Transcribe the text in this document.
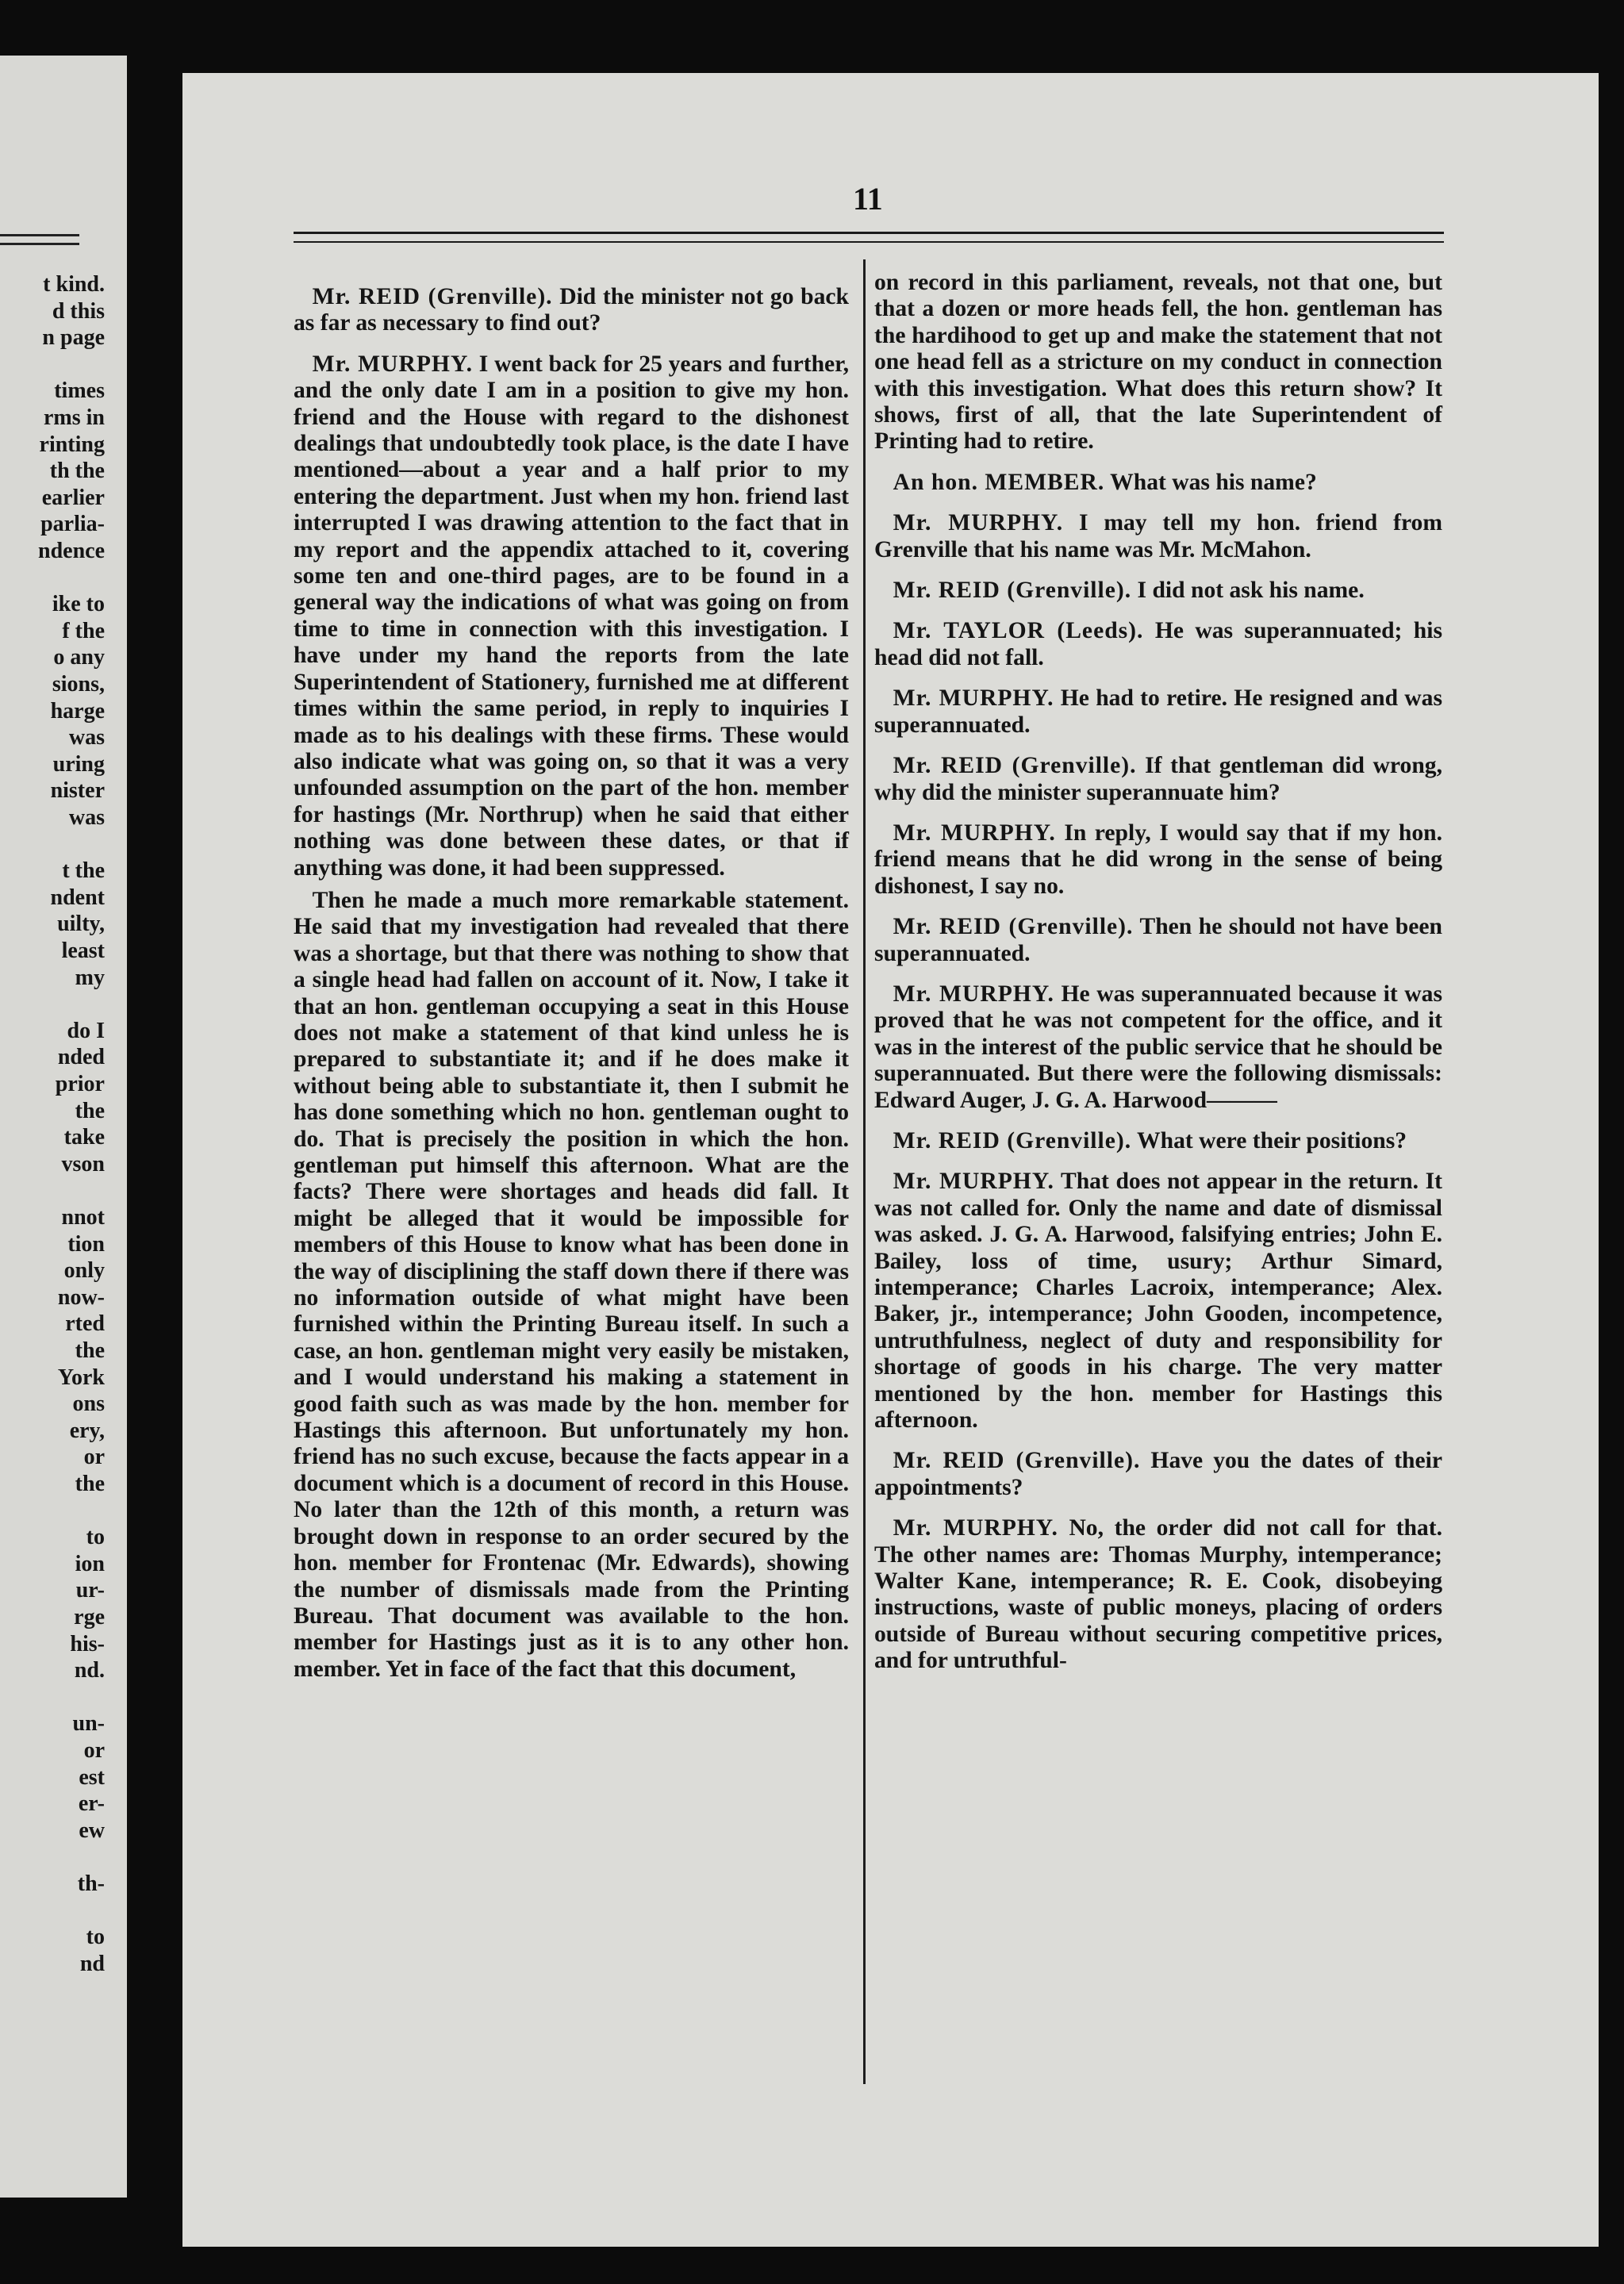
t kind.
d this
n page
times
rms in
rinting
th the
earlier
parlia-
ndence
ike to
f the
o any
sions,
harge
was
uring
nister
was
t the
ndent
uilty,
least
my
do I
nded
prior
the
take
vson
nnot
tion
only
now-
rted
the
York
ons
ery,
or
the
to
ion
ur-
rge
his-
nd.
un-
or
est
er-
ew
th-
to
nd
11

Mr. REID (Grenville). Did the minister not go back as far as necessary to find out?

Mr. MURPHY. I went back for 25 years and further, and the only date I am in a position to give my hon. friend and the House with regard to the dishonest dealings that undoubtedly took place, is the date I have mentioned—about a year and a half prior to my entering the department. Just when my hon. friend last interrupted I was drawing attention to the fact that in my report and the appendix attached to it, covering some ten and one-third pages, are to be found in a general way the indications of what was going on from time to time in connection with this investigation. I have under my hand the reports from the late Superintendent of Stationery, furnished me at different times within the same period, in reply to inquiries I made as to his dealings with these firms. These would also indicate what was going on, so that it was a very unfounded assumption on the part of the hon. member for hastings (Mr. Northrup) when he said that either nothing was done between these dates, or that if anything was done, it had been suppressed.

Then he made a much more remarkable statement. He said that my investigation had revealed that there was a shortage, but that there was nothing to show that a single head had fallen on account of it. Now, I take it that an hon. gentleman occupying a seat in this House does not make a statement of that kind unless he is prepared to substantiate it; and if he does make it without being able to substantiate it, then I submit he has done something which no hon. gentleman ought to do. That is precisely the position in which the hon. gentleman put himself this afternoon. What are the facts? There were shortages and heads did fall. It might be alleged that it would be impossible for members of this House to know what has been done in the way of disciplining the staff down there if there was no information outside of what might have been furnished within the Printing Bureau itself. In such a case, an hon. gentleman might very easily be mistaken, and I would understand his making a statement in good faith such as was made by the hon. member for Hastings this afternoon. But unfortunately my hon. friend has no such excuse, because the facts appear in a document which is a document of record in this House. No later than the 12th of this month, a return was brought down in response to an order secured by the hon. member for Frontenac (Mr. Edwards), showing the number of dismissals made from the Printing Bureau. That document was available to the hon. member for Hastings just as it is to any other hon. member. Yet in face of the fact that this document,

on record in this parliament, reveals, not that one, but that a dozen or more heads fell, the hon. gentleman has the hardihood to get up and make the statement that not one head fell as a stricture on my conduct in connection with this investigation. What does this return show? It shows, first of all, that the late Superintendent of Printing had to retire.

An hon. MEMBER. What was his name?

Mr. MURPHY. I may tell my hon. friend from Grenville that his name was Mr. McMahon.

Mr. REID (Grenville). I did not ask his name.

Mr. TAYLOR (Leeds). He was superannuated; his head did not fall.

Mr. MURPHY. He had to retire. He resigned and was superannuated.

Mr. REID (Grenville). If that gentleman did wrong, why did the minister superannuate him?

Mr. MURPHY. In reply, I would say that if my hon. friend means that he did wrong in the sense of being dishonest, I say no.

Mr. REID (Grenville). Then he should not have been superannuated.

Mr. MURPHY. He was superannuated because it was proved that he was not competent for the office, and it was in the interest of the public service that he should be superannuated. But there were the following dismissals: Edward Auger, J. G. A. Harwood———

Mr. REID (Grenville). What were their positions?

Mr. MURPHY. That does not appear in the return. It was not called for. Only the name and date of dismissal was asked. J. G. A. Harwood, falsifying entries; John E. Bailey, loss of time, usury; Arthur Simard, intemperance; Charles Lacroix, intemperance; Alex. Baker, jr., intemperance; John Gooden, incompetence, untruthfulness, neglect of duty and responsibility for shortage of goods in his charge. The very matter mentioned by the hon. member for Hastings this afternoon.

Mr. REID (Grenville). Have you the dates of their appointments?

Mr. MURPHY. No, the order did not call for that. The other names are: Thomas Murphy, intemperance; Walter Kane, intemperance; R. E. Cook, disobeying instructions, waste of public moneys, placing of orders outside of Bureau without securing competitive prices, and for untruthful-
